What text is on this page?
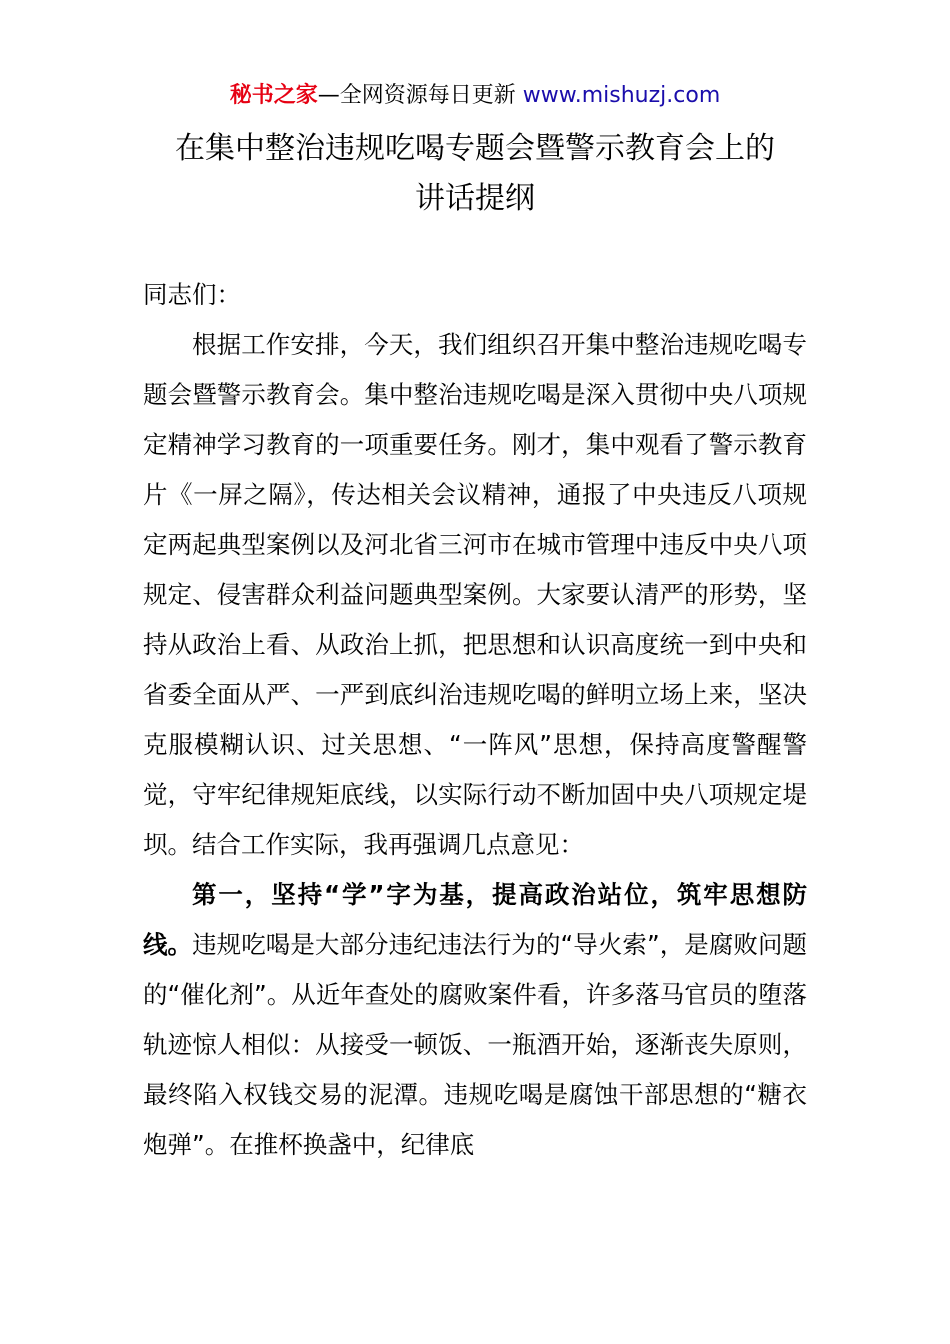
秘书之家—全网资源每日更新 www.mishuzj.com
在集中整治违规吃喝专题会暨警示教育会上的
讲话提纲

同志们：

根据工作安排，今天，我们组织召开集中整治违规吃喝专题会暨警示教育会。集中整治违规吃喝是深入贯彻中央八项规定精神学习教育的一项重要任务。刚才，集中观看了警示教育片《一屏之隔》，传达相关会议精神，通报了中央违反八项规定两起典型案例以及河北省三河市在城市管理中违反中央八项规定、侵害群众利益问题典型案例。大家要认清严的形势，坚持从政治上看、从政治上抓，把思想和认识高度统一到中央和省委全面从严、一严到底纠治违规吃喝的鲜明立场上来，坚决克服模糊认识、过关思想、“一阵风”思想，保持高度警醒警觉，守牢纪律规矩底线，以实际行动不断加固中央八项规定堤坝。结合工作实际，我再强调几点意见：

第一，坚持“学”字为基，提高政治站位，筑牢思想防线。违规吃喝是大部分违纪违法行为的“导火索”，是腐败问题的“催化剂”。从近年查处的腐败案件看，许多落马官员的堕落轨迹惊人相似：从接受一顿饭、一瓶酒开始，逐渐丧失原则，最终陷入权钱交易的泥潭。违规吃喝是腐蚀干部思想的“糖衣炮弹”。在推杯换盏中，纪律底
